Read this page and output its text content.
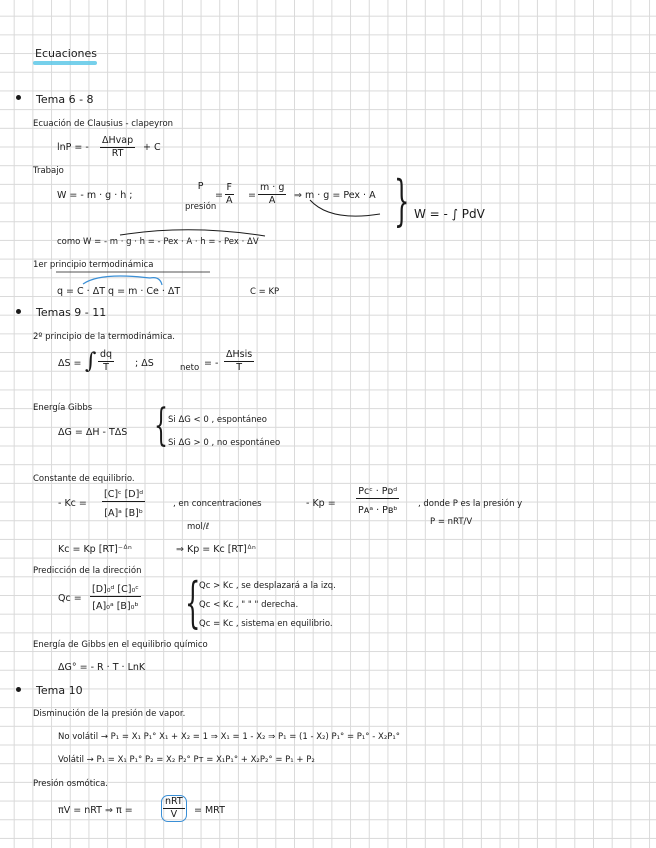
Ecuaciones
Tema 6 - 8
Ecuación de Clausius - clapeyron
lnP = -
ΔHvap
RT
+ C
Trabajo
W = - m · g · h ;
P
presión
= $\frac{F}{A} = \frac{m \cdot g}{A}$ ⇒ m · g = Pex · A } W = - ∫ PdV
como W = - m · g · h = - Pex · A · h = - Pex · ΔV
1er principio termodinámica
q = C · ΔT q = m · Ce · ΔT	C = KP
Temas 9 - 11
2º principio de la termodinámica.
ΔS = ∫ $\frac{dq}{T}$ ; ΔS	neto = -
ΔHsis
T
Energía Gibbs
ΔG = ΔH - TΔS { Si ΔG < 0 , espontáneo
Si ΔG > 0 , no espontáneo
Constante de equilibrio.
- $Kc = \frac{\text{[C]ᶜ [D]ᵈ}}{\text{[A]ᵃ [B]ᵇ}}$	, en concentraciones
mol/ℓ
- Kp =
Pᴄᶜ · Pᴅᵈ
Pᴀᵃ · Pʙᵇ
, donde P es la presión y
P = nRT/V
Kc = Kp [RT]⁻ᐞⁿ	⇒ Kp = Kc [RT]ᐞⁿ
Predicción de la dirección
$Qc = \frac{\text{[D]₀ᵈ [C]₀ᶜ}}{\text{[A]₀ᵃ [B]₀ᵇ}}$ {
Qc > Kc , se desplazará a la izq.
Qc < Kc , " " " derecha.
Qc = Kc , sistema en equilibrio.
Energía de Gibbs en el equilibrio químico
ΔG° = - R · T · LnK
Tema 10
Disminución de la presión de vapor.
No volátil → P₁ = X₁ P₁° X₁ + X₂ = 1 ⇒ X₁ = 1 - X₂ ⇒ P₁ = (1 - X₂) P₁° = P₁° - X₂P₁°
Volátil → P₁ = X₁ P₁° P₂ = X₂ P₂° Pт = X₁P₁° + X₂P₂° = P₁ + P₂
Presión osmótica.
πV = nRT ⇒ π =
nRT
V = MRT
